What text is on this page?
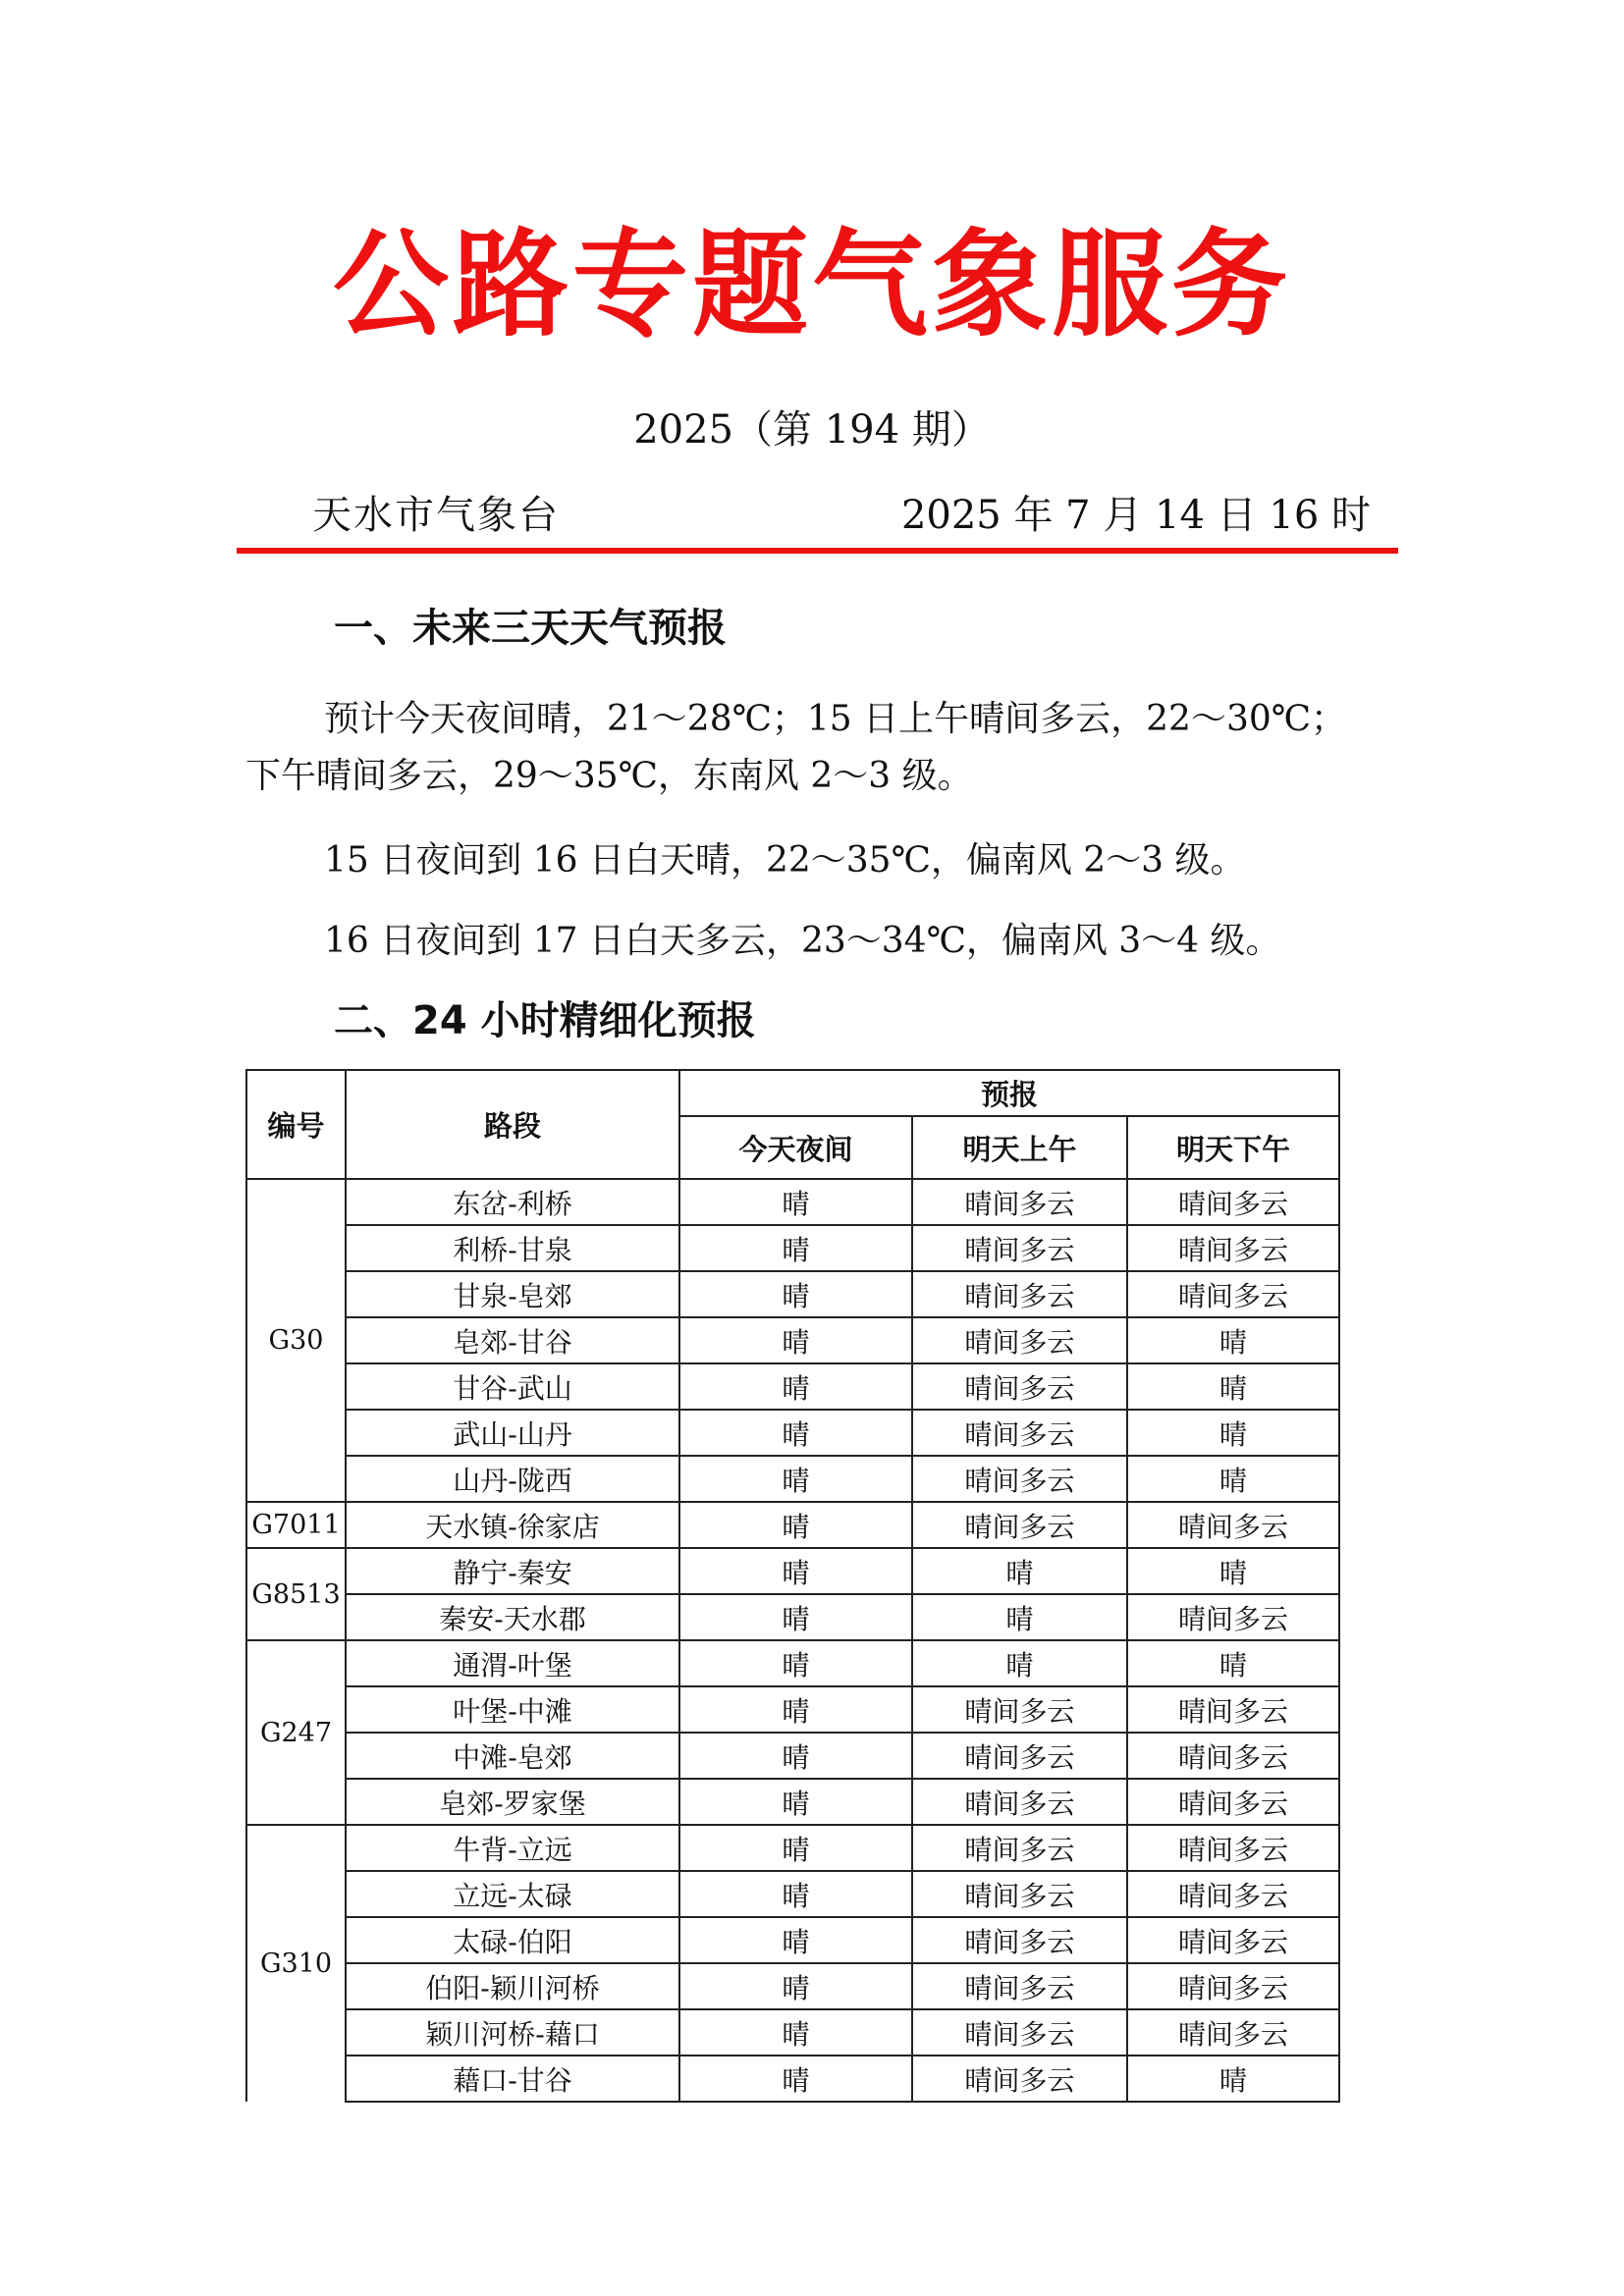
公路专题气象服务
2025（第 194 期）
天水市气象台	2025 年 7 月 14 日 16 时
一、未来三天天气预报
预计今天夜间晴，21～28℃；15 日上午晴间多云，22～30℃；
下午晴间多云，29～35℃，东南风 2～3 级。
15 日夜间到 16 日白天晴，22～35℃，偏南风 2～3 级。
16 日夜间到 17 日白天多云，23～34℃，偏南风 3～4 级。
二、24 小时精细化预报
编号	路段	预报		
		今天夜间	明天上午	明天下午
G30	东岔-利桥	晴	晴间多云	晴间多云
	利桥-甘泉	晴	晴间多云	晴间多云
	甘泉-皂郊	晴	晴间多云	晴间多云
	皂郊-甘谷	晴	晴间多云	晴
	甘谷-武山	晴	晴间多云	晴
	武山-山丹	晴	晴间多云	晴
	山丹-陇西	晴	晴间多云	晴
G7011	天水镇-徐家店	晴	晴间多云	晴间多云
G8513	静宁-秦安	晴	晴	晴
	秦安-天水郡	晴	晴	晴间多云
G247	通渭-叶堡	晴	晴	晴
	叶堡-中滩	晴	晴间多云	晴间多云
	中滩-皂郊	晴	晴间多云	晴间多云
	皂郊-罗家堡	晴	晴间多云	晴间多云
G310	牛背-立远	晴	晴间多云	晴间多云
	立远-太碌	晴	晴间多云	晴间多云
	太碌-伯阳	晴	晴间多云	晴间多云
	伯阳-颖川河桥	晴	晴间多云	晴间多云
	颖川河桥-藉口	晴	晴间多云	晴间多云
	藉口-甘谷	晴	晴间多云	晴
